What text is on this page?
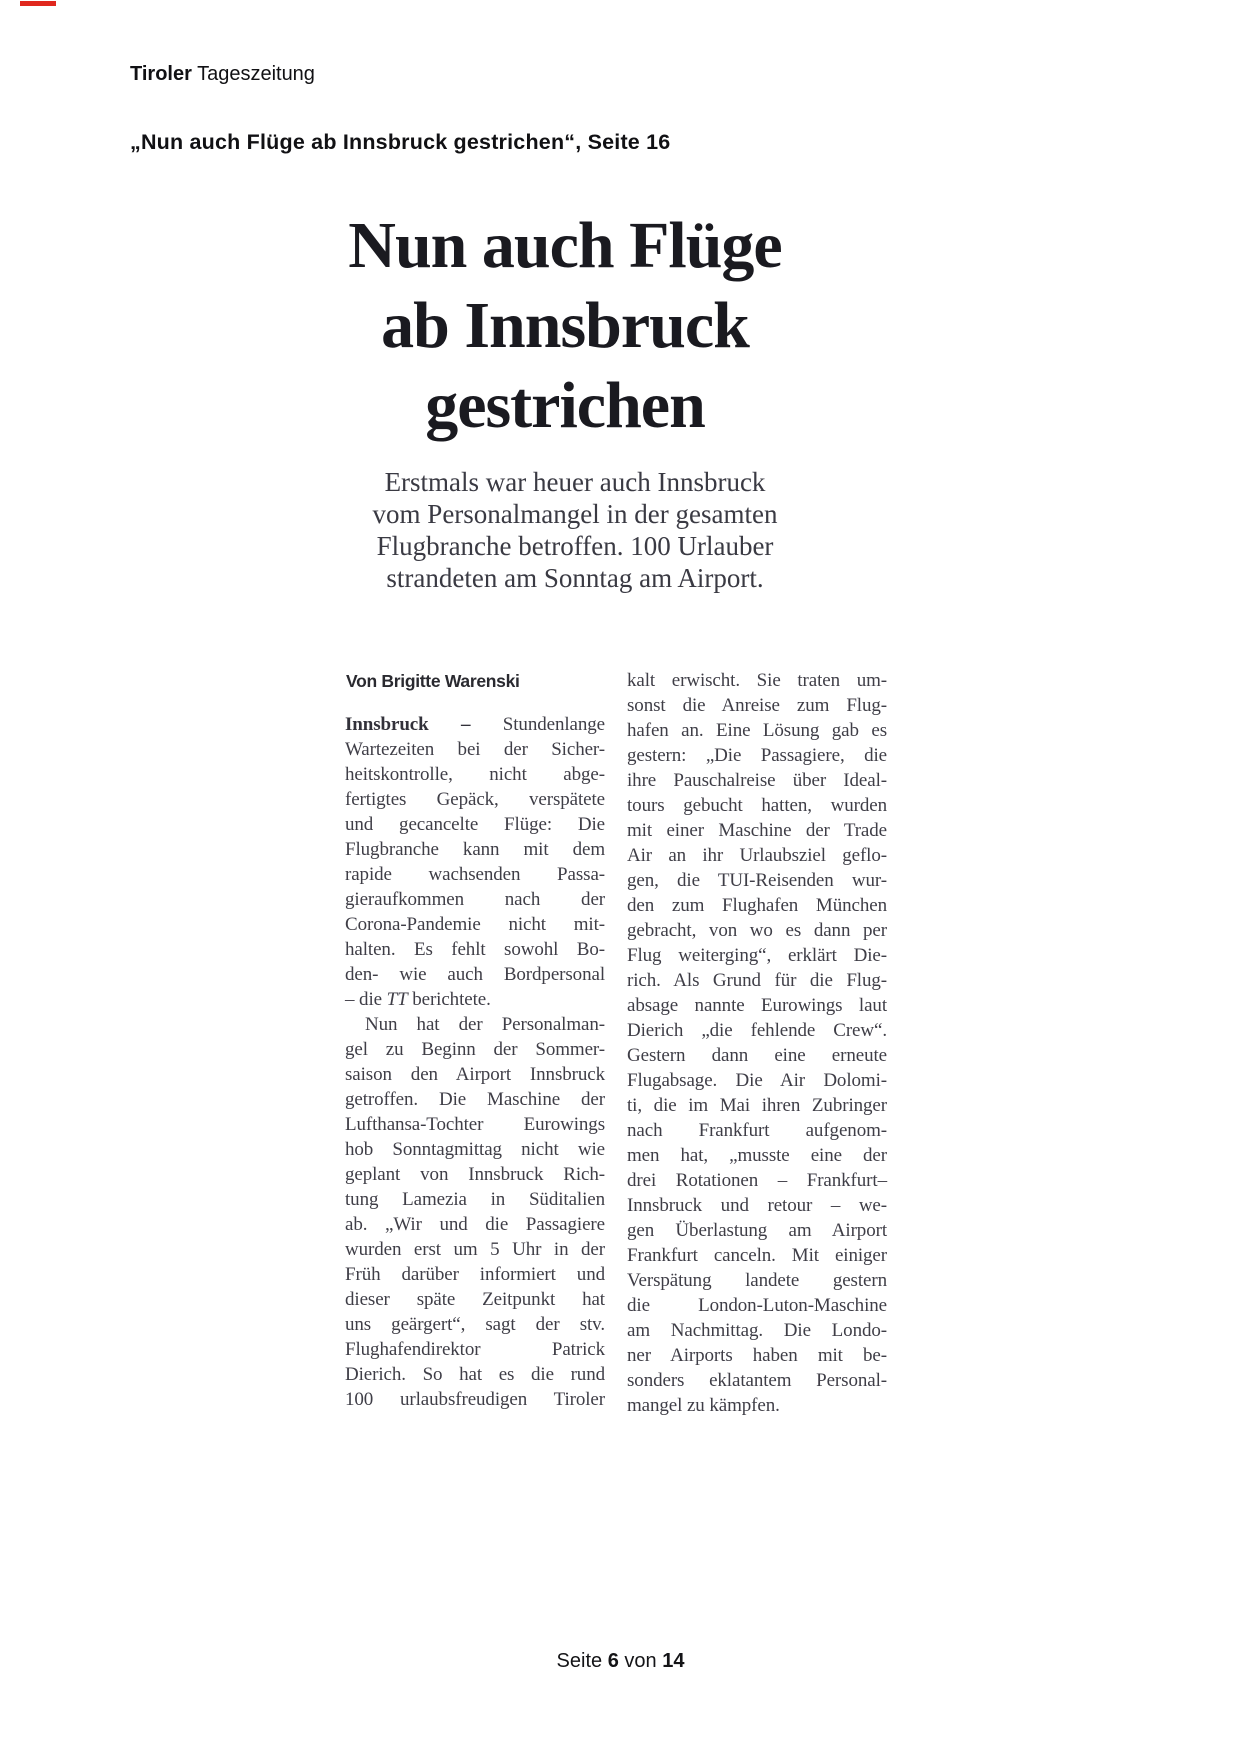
Tiroler Tageszeitung
„Nun auch Flüge ab Innsbruck gestrichen“, Seite 16
Nun auch Flüge
ab Innsbruck
gestrichen
Erstmals war heuer auch Innsbruck
vom Personalmangel in der gesamten
Flugbranche betroffen. 100 Urlauber
strandeten am Sonntag am Airport.
Von Brigitte Warenski
Innsbruck – Stundenlange
Wartezeiten bei der Sicher-
heitskontrolle, nicht abge-
fertigtes Gepäck, verspätete
und gecancelte Flüge: Die
Flugbranche kann mit dem
rapide wachsenden Passa-
gieraufkommen nach der
Corona-Pandemie nicht mit-
halten. Es fehlt sowohl Bo-
den- wie auch Bordpersonal
– die TT berichtete.
Nun hat der Personalman-
gel zu Beginn der Sommer-
saison den Airport Innsbruck
getroffen. Die Maschine der
Lufthansa-Tochter Eurowings
hob Sonntagmittag nicht wie
geplant von Innsbruck Rich-
tung Lamezia in Süditalien
ab. „Wir und die Passagiere
wurden erst um 5 Uhr in der
Früh darüber informiert und
dieser späte Zeitpunkt hat
uns geärgert“, sagt der stv.
Flughafendirektor Patrick
Dierich. So hat es die rund
100 urlaubsfreudigen Tiroler
kalt erwischt. Sie traten um-
sonst die Anreise zum Flug-
hafen an. Eine Lösung gab es
gestern: „Die Passagiere, die
ihre Pauschalreise über Ideal-
tours gebucht hatten, wurden
mit einer Maschine der Trade
Air an ihr Urlaubsziel geflo-
gen, die TUI-Reisenden wur-
den zum Flughafen München
gebracht, von wo es dann per
Flug weiterging“, erklärt Die-
rich. Als Grund für die Flug-
absage nannte Eurowings laut
Dierich „die fehlende Crew“.
Gestern dann eine erneute
Flugabsage. Die Air Dolomi-
ti, die im Mai ihren Zubringer
nach Frankfurt aufgenom-
men hat, „musste eine der
drei Rotationen – Frankfurt–
Innsbruck und retour – we-
gen Überlastung am Airport
Frankfurt canceln. Mit einiger
Verspätung landete gestern
die London-Luton-Maschine
am Nachmittag. Die Londo-
ner Airports haben mit be-
sonders eklatantem Personal-
mangel zu kämpfen.
Seite 6 von 14
